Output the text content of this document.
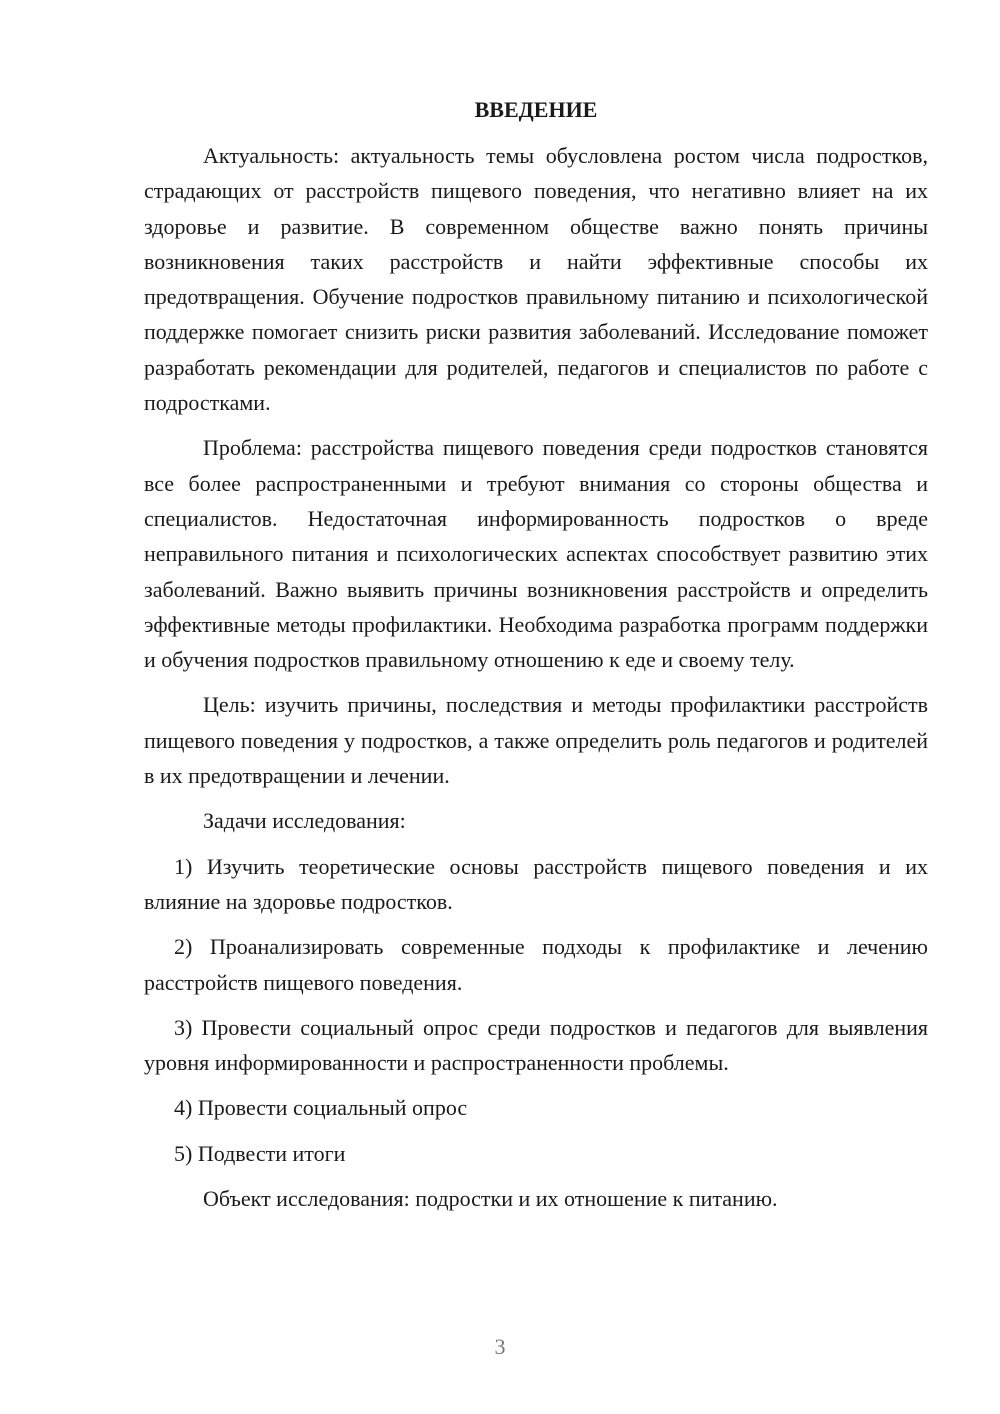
ВВЕДЕНИЕ

Актуальность: актуальность темы обусловлена ростом числа подростков, страдающих от расстройств пищевого поведения, что негативно влияет на их здоровье и развитие. В современном обществе важно понять причины возникновения таких расстройств и найти эффективные способы их предотвращения. Обучение подростков правильному питанию и психологической поддержке помогает снизить риски развития заболеваний. Исследование поможет разработать рекомендации для родителей, педагогов и специалистов по работе с подростками.

Проблема: расстройства пищевого поведения среди подростков становятся все более распространенными и требуют внимания со стороны общества и специалистов. Недостаточная информированность подростков о вреде неправильного питания и психологических аспектах способствует развитию этих заболеваний. Важно выявить причины возникновения расстройств и определить эффективные методы профилактики. Необходима разработка программ поддержки и обучения подростков правильному отношению к еде и своему телу.

Цель: изучить причины, последствия и методы профилактики расстройств пищевого поведения у подростков, а также определить роль педагогов и родителей в их предотвращении и лечении.

Задачи исследования:

1) Изучить теоретические основы расстройств пищевого поведения и их влияние на здоровье подростков.

2) Проанализировать современные подходы к профилактике и лечению расстройств пищевого поведения.

3) Провести социальный опрос среди подростков и педагогов для выявления уровня информированности и распространенности проблемы.

4) Провести социальный опрос

5) Подвести итоги

Объект исследования: подростки и их отношение к питанию.

3
